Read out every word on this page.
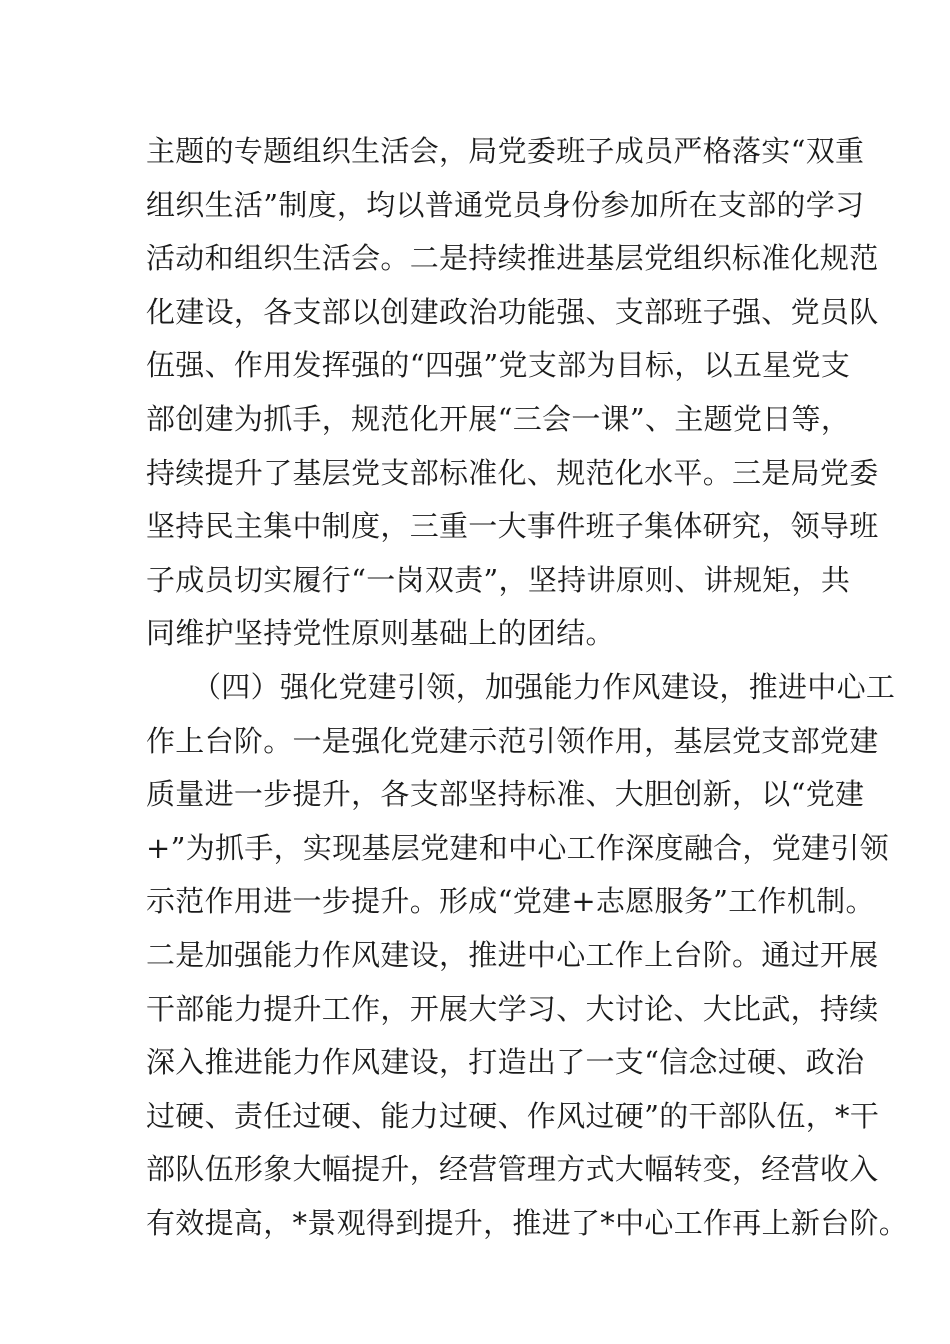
主题的专题组织生活会，局党委班子成员严格落实“双重
组织生活”制度，均以普通党员身份参加所在支部的学习
活动和组织生活会。二是持续推进基层党组织标准化规范
化建设，各支部以创建政治功能强、支部班子强、党员队
伍强、作用发挥强的“四强”党支部为目标，以五星党支
部创建为抓手，规范化开展“三会一课”、主题党日等，
持续提升了基层党支部标准化、规范化水平。三是局党委
坚持民主集中制度，三重一大事件班子集体研究，领导班
子成员切实履行“一岗双责”，坚持讲原则、讲规矩，共
同维护坚持党性原则基础上的团结。
（四）强化党建引领，加强能力作风建设，推进中心工
作上台阶。一是强化党建示范引领作用，基层党支部党建
质量进一步提升，各支部坚持标准、大胆创新，以“党建
+”为抓手，实现基层党建和中心工作深度融合，党建引领
示范作用进一步提升。形成“党建+志愿服务”工作机制。
二是加强能力作风建设，推进中心工作上台阶。通过开展
干部能力提升工作，开展大学习、大讨论、大比武，持续
深入推进能力作风建设，打造出了一支“信念过硬、政治
过硬、责任过硬、能力过硬、作风过硬”的干部队伍，*干
部队伍形象大幅提升，经营管理方式大幅转变，经营收入
有效提高，*景观得到提升，推进了*中心工作再上新台阶。
